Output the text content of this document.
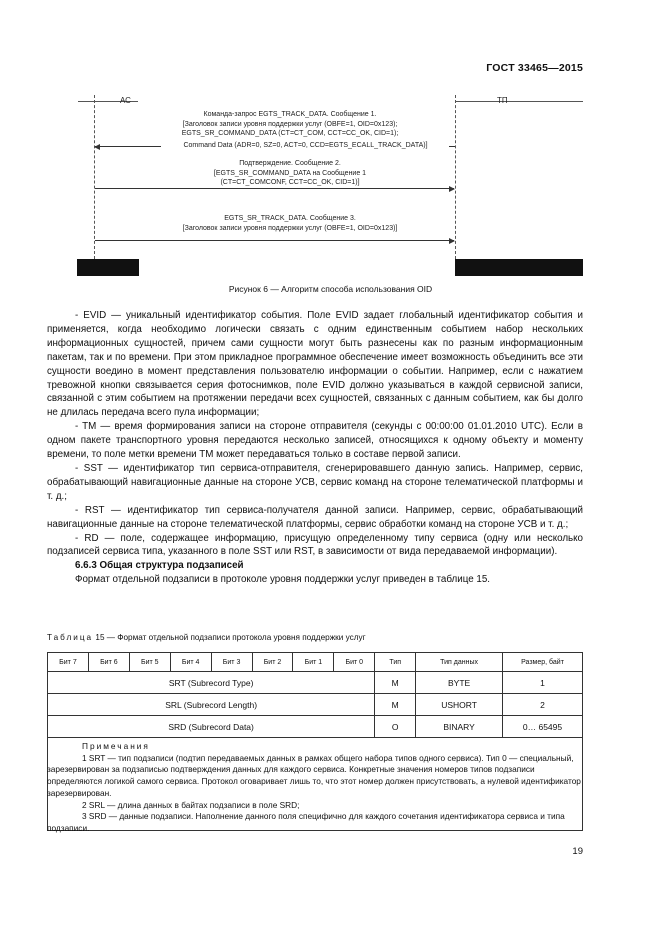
ГОСТ 33465—2015
АС	ТП
Команда-запрос EGTS_TRACK_DATA. Сообщение 1.
[Заголовок записи уровня поддержки услуг (OBFE=1, OID=0x123);
EGTS_SR_COMMAND_DATA (CT=CT_COM, CCT=CC_OK, CID=1);
Command Data (ADR=0, SZ=0, ACT=0, CCD=EGTS_ECALL_TRACK_DATA)]
Подтверждение. Сообщение 2.
[EGTS_SR_COMMAND_DATA на Сообщение 1
(CT=CT_COMCONF, CCT=CC_OK, CID=1)]
EGTS_SR_TRACK_DATA. Сообщение 3.
[Заголовок записи уровня поддержки услуг (OBFE=1, OID=0x123)]
Рисунок 6 — Алгоритм способа использования OID

- EVID — уникальный идентификатор события. Поле EVID задает глобальный идентификатор события и применяется, когда необходимо логически связать с одним единственным событием набор нескольких информационных сущностей, причем сами сущности могут быть разнесены как по разным информационным пакетам, так и по времени. При этом прикладное программное обеспечение имеет возможность объединить все эти сущности воедино в момент представления пользователю информации о событии. Например, если с нажатием тревожной кнопки связывается серия фотоснимков, поле EVID должно указываться в каждой сервисной записи, связанной с этим событием на протяжении передачи всех сущностей, связанных с данным событием, как бы долго не длилась передача всего пула информации;

- TM — время формирования записи на стороне отправителя (секунды с 00:00:00 01.01.2010 UTC). Если в одном пакете транспортного уровня передаются несколько записей, относящихся к одному объекту и моменту времени, то поле метки времени TM может передаваться только в составе первой записи.

- SST — идентификатор тип сервиса-отправителя, сгенерировавшего данную запись. Например, сервис, обрабатывающий навигационные данные на стороне УСВ, сервис команд на стороне телематической платформы и т. д.;

- RST — идентификатор тип сервиса-получателя данной записи. Например, сервис, обрабатывающий навигационные данные на стороне телематической платформы, сервис обработки команд на стороне УСВ и т. д.;

- RD — поле, содержащее информацию, присущую определенному типу сервиса (одну или несколько подзаписей сервиса типа, указанного в поле SST или RST, в зависимости от вида передаваемой информации).

6.6.3 Общая структура подзаписей

Формат отдельной подзаписи в протоколе уровня поддержки услуг приведен в таблице 15.

Таблица 15 — Формат отдельной подзаписи протокола уровня поддержки услуг
Бит 7	Бит 6	Бит 5	Бит 4	Бит 3	Бит 2	Бит 1	Бит 0	Тип	Тип данных	Размер, байт
SRT (Subrecord Type)								M	BYTE	1
SRL (Subrecord Length)								M	USHORT	2
SRD (Subrecord Data)								O	BINARY	0… 65495

Примечания

1 SRT — тип подзаписи (подтип передаваемых данных в рамках общего набора типов одного сервиса). Тип 0 — специальный, зарезервирован за подзаписью подтверждения данных для каждого сервиса. Конкретные значения номеров типов подзаписи определяются логикой самого сервиса. Протокол оговаривает лишь то, что этот номер должен присутствовать, а нулевой идентификатор зарезервирован.

2 SRL — длина данных в байтах подзаписи в поле SRD;

3 SRD — данные подзаписи. Наполнение данного поля специфично для каждого сочетания идентификатора сервиса и типа подзаписи.

19
